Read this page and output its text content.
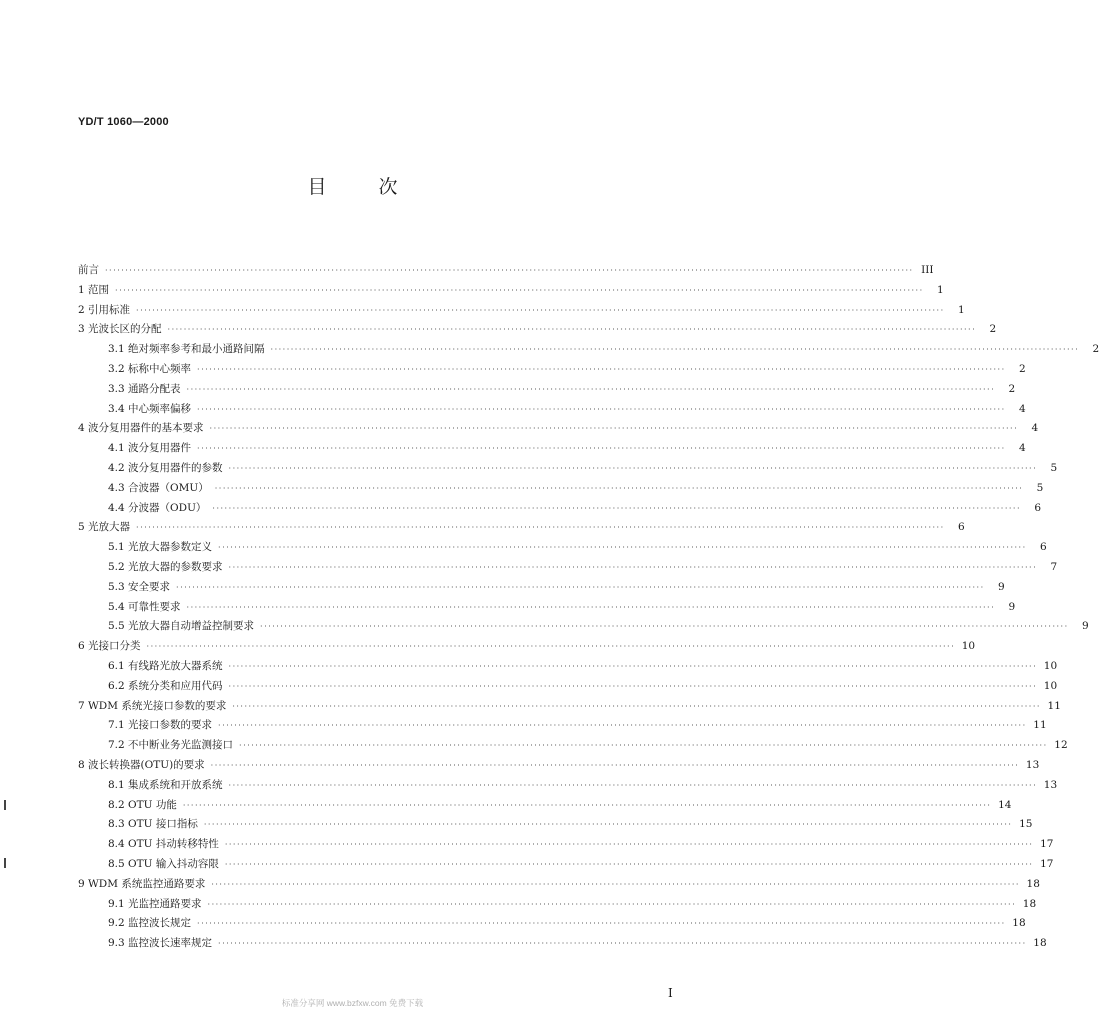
YD/T 1060—2000
目次
前言 ········································································································································································································ III
1 范围 ········································································································································································································	1
2 引用标准 ········································································································································································································	1
3 光波长区的分配 ········································································································································································································	2
3.1 绝对频率参考和最小通路间隔 ········································································································································································································	2
3.2 标称中心频率 ········································································································································································································	2
3.3 通路分配表 ········································································································································································································	2
3.4 中心频率偏移 ········································································································································································································	4
4 波分复用器件的基本要求 ········································································································································································································	4
4.1 波分复用器件 ········································································································································································································	4
4.2 波分复用器件的参数 ········································································································································································································	5
4.3 合波器（OMU） ········································································································································································································	5
4.4 分波器（ODU） ········································································································································································································	6
5 光放大器 ········································································································································································································	6
5.1 光放大器参数定义 ········································································································································································································	6
5.2 光放大器的参数要求 ········································································································································································································	7
5.3 安全要求 ········································································································································································································	9
5.4 可靠性要求 ········································································································································································································	9
5.5 光放大器自动增益控制要求 ········································································································································································································	9
6 光接口分类 ········································································································································································································ 10
6.1 有线路光放大器系统 ········································································································································································································ 10
6.2 系统分类和应用代码 ········································································································································································································ 10
7 WDM 系统光接口参数的要求 ········································································································································································································ 11
7.1 光接口参数的要求 ········································································································································································································ 11
7.2 不中断业务光监测接口 ········································································································································································································ 12
8 波长转换器(OTU)的要求 ········································································································································································································ 13
8.1 集成系统和开放系统 ········································································································································································································ 13
8.2 OTU 功能 ········································································································································································································ 14
8.3 OTU 接口指标 ········································································································································································································ 15
8.4 OTU 抖动转移特性 ········································································································································································································ 17
8.5 OTU 输入抖动容限 ········································································································································································································ 17
9 WDM 系统监控通路要求 ········································································································································································································ 18
9.1 光监控通路要求 ········································································································································································································ 18
9.2 监控波长规定 ········································································································································································································ 18
9.3 监控波长速率规定 ········································································································································································································ 18
标准分享网 www.bzfxw.com 免费下载
I
